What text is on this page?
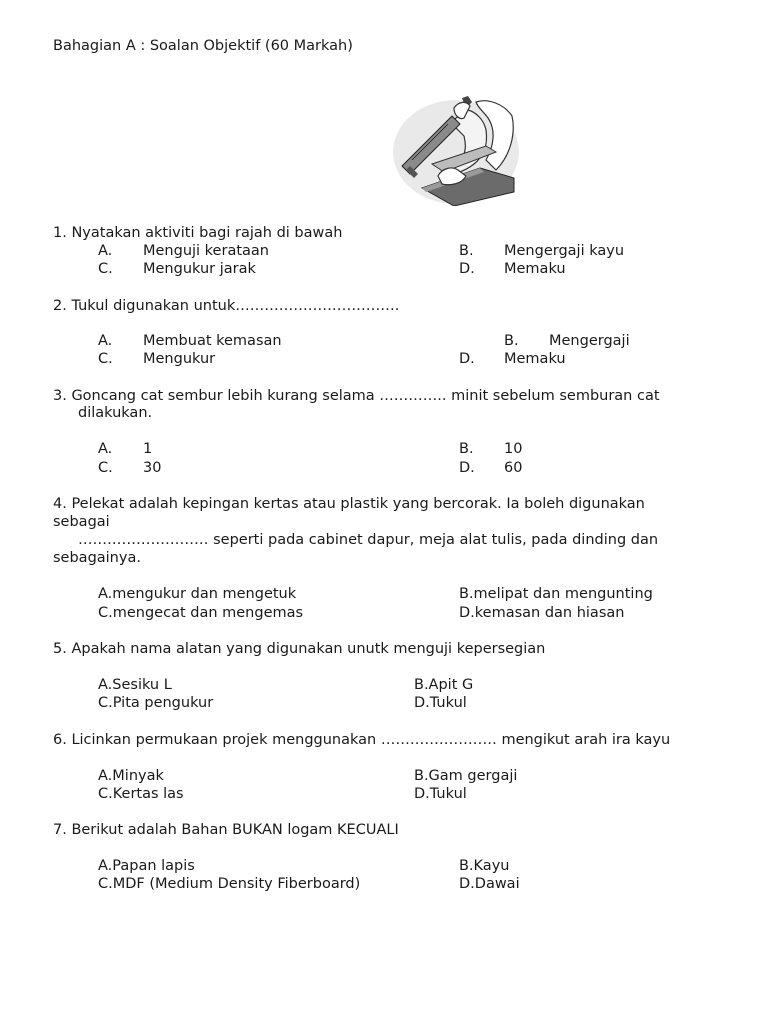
Bahagian A : Soalan Objektif (60 Markah)
1. Nyatakan aktiviti bagi rajah di bawah
A. Menguji kerataan	B. Mengergaji kayu
C. Mengukur jarak	D. Memaku
2. Tukul digunakan untuk…………………………….
A. Membuat kemasan	B. Mengergaji
C. Mengukur	D. Memaku
3. Goncang cat sembur lebih kurang selama ………….. minit sebelum semburan cat
dilakukan.
A. 1	B. 10
C. 30	D. 60
4. Pelekat adalah kepingan kertas atau plastik yang bercorak. Ia boleh digunakan
sebagai
……………………… seperti pada cabinet dapur, meja alat tulis, pada dinding dan
sebagainya.
A.mengukur dan mengetuk	B.melipat dan mengunting
C.mengecat dan mengemas	D.kemasan dan hiasan
5. Apakah nama alatan yang digunakan unutk menguji kepersegian
A.Sesiku L	B.Apit G
C.Pita pengukur	D.Tukul
6. Licinkan permukaan projek menggunakan …………………… mengikut arah ira kayu
A.Minyak	B.Gam gergaji
C.Kertas las	D.Tukul
7. Berikut adalah Bahan BUKAN logam KECUALI
A.Papan lapis	B.Kayu
C.MDF (Medium Density Fiberboard)	D.Dawai
